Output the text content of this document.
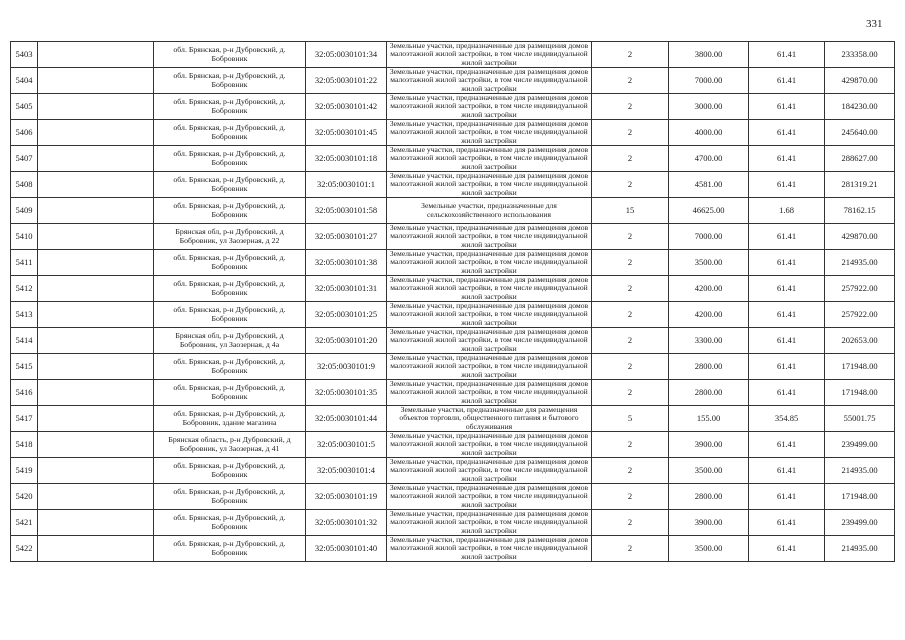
331
5403		обл. Брянская, р-н Дубровский, д. Бобровник	32:05:0030101:34	Земельные участки, предназначенные для размещения домов малоэтажной жилой застройки, в том числе индивидуальной жилой застройки	2	3800.00	61.41	233358.00
5404		обл. Брянская, р-н Дубровский, д. Бобровник	32:05:0030101:22	Земельные участки, предназначенные для размещения домов малоэтажной жилой застройки, в том числе индивидуальной жилой застройки	2	7000.00	61.41	429870.00
5405		обл. Брянская, р-н Дубровский, д. Бобровник	32:05:0030101:42	Земельные участки, предназначенные для размещения домов малоэтажной жилой застройки, в том числе индивидуальной жилой застройки	2	3000.00	61.41	184230.00
5406		обл. Брянская, р-н Дубровский, д. Бобровник	32:05:0030101:45	Земельные участки, предназначенные для размещения домов малоэтажной жилой застройки, в том числе индивидуальной жилой застройки	2	4000.00	61.41	245640.00
5407		обл. Брянская, р-н Дубровский, д. Бобровник	32:05:0030101:18	Земельные участки, предназначенные для размещения домов малоэтажной жилой застройки, в том числе индивидуальной жилой застройки	2	4700.00	61.41	288627.00
5408		обл. Брянская, р-н Дубровский, д. Бобровник	32:05:0030101:1	Земельные участки, предназначенные для размещения домов малоэтажной жилой застройки, в том числе индивидуальной жилой застройки	2	4581.00	61.41	281319.21
5409		обл. Брянская, р-н Дубровский, д. Бобровник	32:05:0030101:58	Земельные участки, предназначенные для сельскохозяйственного использования	15	46625.00	1.68	78162.15
5410		Брянская обл, р-н Дубровский, д Бобровник, ул Заозерная, д 22	32:05:0030101:27	Земельные участки, предназначенные для размещения домов малоэтажной жилой застройки, в том числе индивидуальной жилой застройки	2	7000.00	61.41	429870.00
5411		обл. Брянская, р-н Дубровский, д. Бобровник	32:05:0030101:38	Земельные участки, предназначенные для размещения домов малоэтажной жилой застройки, в том числе индивидуальной жилой застройки	2	3500.00	61.41	214935.00
5412		обл. Брянская, р-н Дубровский, д. Бобровник	32:05:0030101:31	Земельные участки, предназначенные для размещения домов малоэтажной жилой застройки, в том числе индивидуальной жилой застройки	2	4200.00	61.41	257922.00
5413		обл. Брянская, р-н Дубровский, д. Бобровник	32:05:0030101:25	Земельные участки, предназначенные для размещения домов малоэтажной жилой застройки, в том числе индивидуальной жилой застройки	2	4200.00	61.41	257922.00
5414		Брянская обл, р-н Дубровский, д Бобровник, ул Заозерная, д 4а	32:05:0030101:20	Земельные участки, предназначенные для размещения домов малоэтажной жилой застройки, в том числе индивидуальной жилой застройки	2	3300.00	61.41	202653.00
5415		обл. Брянская, р-н Дубровский, д. Бобровник	32:05:0030101:9	Земельные участки, предназначенные для размещения домов малоэтажной жилой застройки, в том числе индивидуальной жилой застройки	2	2800.00	61.41	171948.00
5416		обл. Брянская, р-н Дубровский, д. Бобровник	32:05:0030101:35	Земельные участки, предназначенные для размещения домов малоэтажной жилой застройки, в том числе индивидуальной жилой застройки	2	2800.00	61.41	171948.00
5417		обл. Брянская, р-н Дубровский, д. Бобровник, здание магазина	32:05:0030101:44	Земельные участки, предназначенные для размещения объектов торговли, общественного питания и бытового обслуживания	5	155.00	354.85	55001.75
5418		Брянская область, р-н Дубровский, д Бобровник, ул Заозерная, д 41	32:05:0030101:5	Земельные участки, предназначенные для размещения домов малоэтажной жилой застройки, в том числе индивидуальной жилой застройки	2	3900.00	61.41	239499.00
5419		обл. Брянская, р-н Дубровский, д. Бобровник	32:05:0030101:4	Земельные участки, предназначенные для размещения домов малоэтажной жилой застройки, в том числе индивидуальной жилой застройки	2	3500.00	61.41	214935.00
5420		обл. Брянская, р-н Дубровский, д. Бобровник	32:05:0030101:19	Земельные участки, предназначенные для размещения домов малоэтажной жилой застройки, в том числе индивидуальной жилой застройки	2	2800.00	61.41	171948.00
5421		обл. Брянская, р-н Дубровский, д. Бобровник	32:05:0030101:32	Земельные участки, предназначенные для размещения домов малоэтажной жилой застройки, в том числе индивидуальной жилой застройки	2	3900.00	61.41	239499.00
5422		обл. Брянская, р-н Дубровский, д. Бобровник	32:05:0030101:40	Земельные участки, предназначенные для размещения домов малоэтажной жилой застройки, в том числе индивидуальной жилой застройки	2	3500.00	61.41	214935.00
